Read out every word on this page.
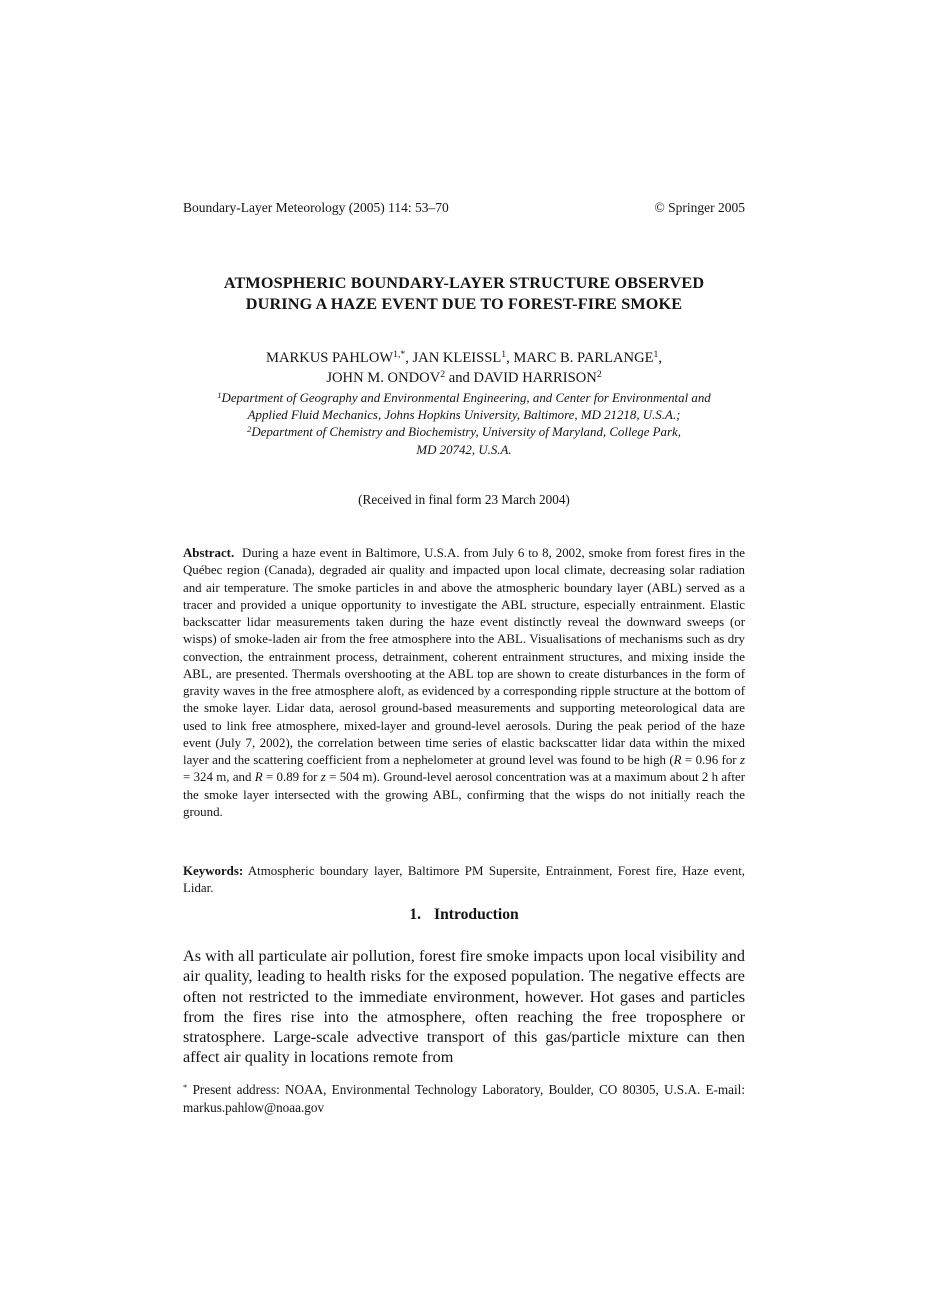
Boundary-Layer Meteorology (2005) 114: 53–70	© Springer 2005
ATMOSPHERIC BOUNDARY-LAYER STRUCTURE OBSERVED
DURING A HAZE EVENT DUE TO FOREST-FIRE SMOKE
MARKUS $PAHLOW^{1,*}$, JAN KLEISSL$^1$, MARC B. PARLANGE$^1$,
JOHN M. ONDOV$^2$ and DAVID HARRISON$^2$
$^1$Department of Geography and Environmental Engineering, and Center for Environmental and
Applied Fluid Mechanics, Johns Hopkins University, Baltimore, MD 21218, U.S.A.;
$^2$Department of Chemistry and Biochemistry, University of Maryland, College Park,
MD 20742, U.S.A.
(Received in final form 23 March 2004)

Abstract.  During a haze event in Baltimore, U.S.A. from July 6 to 8, 2002, smoke from forest fires in the Québec region (Canada), degraded air quality and impacted upon local climate, decreasing solar radiation and air temperature. The smoke particles in and above the atmospheric boundary layer (ABL) served as a tracer and provided a unique opportunity to investigate the ABL structure, especially entrainment. Elastic backscatter lidar measurements taken during the haze event distinctly reveal the downward sweeps (or wisps) of smoke-laden air from the free atmosphere into the ABL. Visualisations of mechanisms such as dry convection, the entrainment process, detrainment, coherent entrainment structures, and mixing inside the ABL, are presented. Thermals overshooting at the ABL top are shown to create disturbances in the form of gravity waves in the free atmosphere aloft, as evidenced by a corresponding ripple structure at the bottom of the smoke layer. Lidar data, aerosol ground-based measurements and supporting meteorological data are used to link free atmosphere, mixed-layer and ground-level aerosols. During the peak period of the haze event (July 7, 2002), the correlation between time series of elastic backscatter lidar data within the mixed layer and the scattering coefficient from a nephelometer at ground level was found to be high (R = 0.96 for z = 324 m, and R = 0.89 for z = 504 m). Ground-level aerosol concentration was at a maximum about 2 h after the smoke layer intersected with the growing ABL, confirming that the wisps do not initially reach the ground.

Keywords: Atmospheric boundary layer, Baltimore PM Supersite, Entrainment, Forest fire, Haze event, Lidar.

1. Introduction

As with all particulate air pollution, forest fire smoke impacts upon local visibility and air quality, leading to health risks for the exposed population. The negative effects are often not restricted to the immediate environment, however. Hot gases and particles from the fires rise into the atmosphere, often reaching the free troposphere or stratosphere. Large-scale advective transport of this gas/particle mixture can then affect air quality in locations remote from

* Present address: NOAA, Environmental Technology Laboratory, Boulder, CO 80305, U.S.A. E-mail: markus.pahlow@noaa.gov
